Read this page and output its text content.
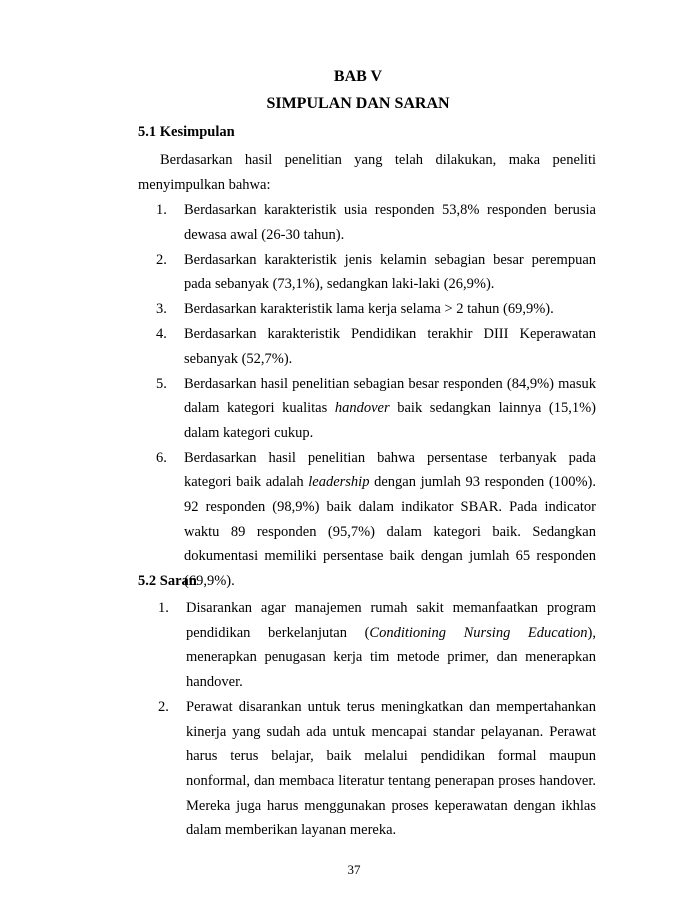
BAB V
SIMPULAN DAN SARAN
5.1 Kesimpulan

Berdasarkan hasil penelitian yang telah dilakukan, maka peneliti menyimpulkan bahwa:

1. Berdasarkan karakteristik usia responden 53,8% responden berusia dewasa awal (26-30 tahun).
2. Berdasarkan karakteristik jenis kelamin sebagian besar perempuan pada sebanyak (73,1%), sedangkan laki-laki (26,9%).
3. Berdasarkan karakteristik lama kerja selama > 2 tahun (69,9%).
4. Berdasarkan karakteristik Pendidikan terakhir DIII Keperawatan sebanyak (52,7%).
5. Berdasarkan hasil penelitian sebagian besar responden (84,9%) masuk dalam kategori kualitas handover baik sedangkan lainnya (15,1%) dalam kategori cukup.
6. Berdasarkan hasil penelitian bahwa persentase terbanyak pada kategori baik adalah leadership dengan jumlah 93 responden (100%). 92 responden (98,9%) baik dalam indikator SBAR. Pada indicator waktu 89 responden (95,7%) dalam kategori baik. Sedangkan dokumentasi memiliki persentase baik dengan jumlah 65 responden (69,9%).
5.2 Saran
1. Disarankan agar manajemen rumah sakit memanfaatkan program pendidikan berkelanjutan (Conditioning Nursing Education), menerapkan penugasan kerja tim metode primer, dan menerapkan handover.
2. Perawat disarankan untuk terus meningkatkan dan mempertahankan kinerja yang sudah ada untuk mencapai standar pelayanan. Perawat harus terus belajar, baik melalui pendidikan formal maupun nonformal, dan membaca literatur tentang penerapan proses handover. Mereka juga harus menggunakan proses keperawatan dengan ikhlas dalam memberikan layanan mereka.
37
